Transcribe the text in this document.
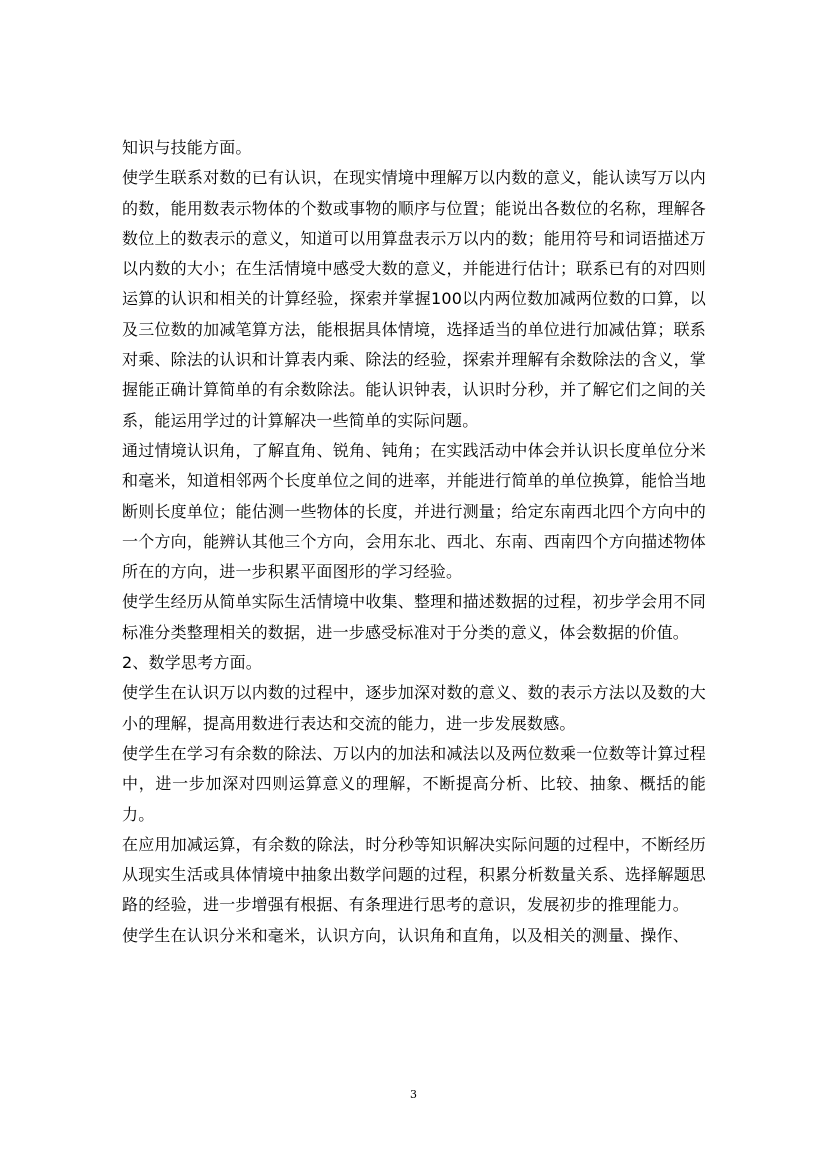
知识与技能方面。

使学生联系对数的已有认识，在现实情境中理解万以内数的意义，能认读写万以内的数，能用数表示物体的个数或事物的顺序与位置；能说出各数位的名称，理解各数位上的数表示的意义，知道可以用算盘表示万以内的数；能用符号和词语描述万以内数的大小；在生活情境中感受大数的意义，并能进行估计；联系已有的对四则运算的认识和相关的计算经验，探索并掌握100以内两位数加减两位数的口算，以及三位数的加减笔算方法，能根据具体情境，选择适当的单位进行加减估算；联系对乘、除法的认识和计算表内乘、除法的经验，探索并理解有余数除法的含义，掌握能正确计算简单的有余数除法。能认识钟表，认识时分秒，并了解它们之间的关系，能运用学过的计算解决一些简单的实际问题。

通过情境认识角，了解直角、锐角、钝角；在实践活动中体会并认识长度单位分米和毫米，知道相邻两个长度单位之间的进率，并能进行简单的单位换算，能恰当地断则长度单位；能估测一些物体的长度，并进行测量；给定东南西北四个方向中的一个方向，能辨认其他三个方向，会用东北、西北、东南、西南四个方向描述物体所在的方向，进一步积累平面图形的学习经验。

使学生经历从简单实际生活情境中收集、整理和描述数据的过程，初步学会用不同标准分类整理相关的数据，进一步感受标准对于分类的意义，体会数据的价值。

2、数学思考方面。

使学生在认识万以内数的过程中，逐步加深对数的意义、数的表示方法以及数的大小的理解，提高用数进行表达和交流的能力，进一步发展数感。

使学生在学习有余数的除法、万以内的加法和减法以及两位数乘一位数等计算过程中，进一步加深对四则运算意义的理解，不断提高分析、比较、抽象、概括的能力。

在应用加减运算，有余数的除法，时分秒等知识解决实际问题的过程中，不断经历从现实生活或具体情境中抽象出数学问题的过程，积累分析数量关系、选择解题思路的经验，进一步增强有根据、有条理进行思考的意识，发展初步的推理能力。

使学生在认识分米和毫米，认识方向，认识角和直角，以及相关的测量、操作、

3
